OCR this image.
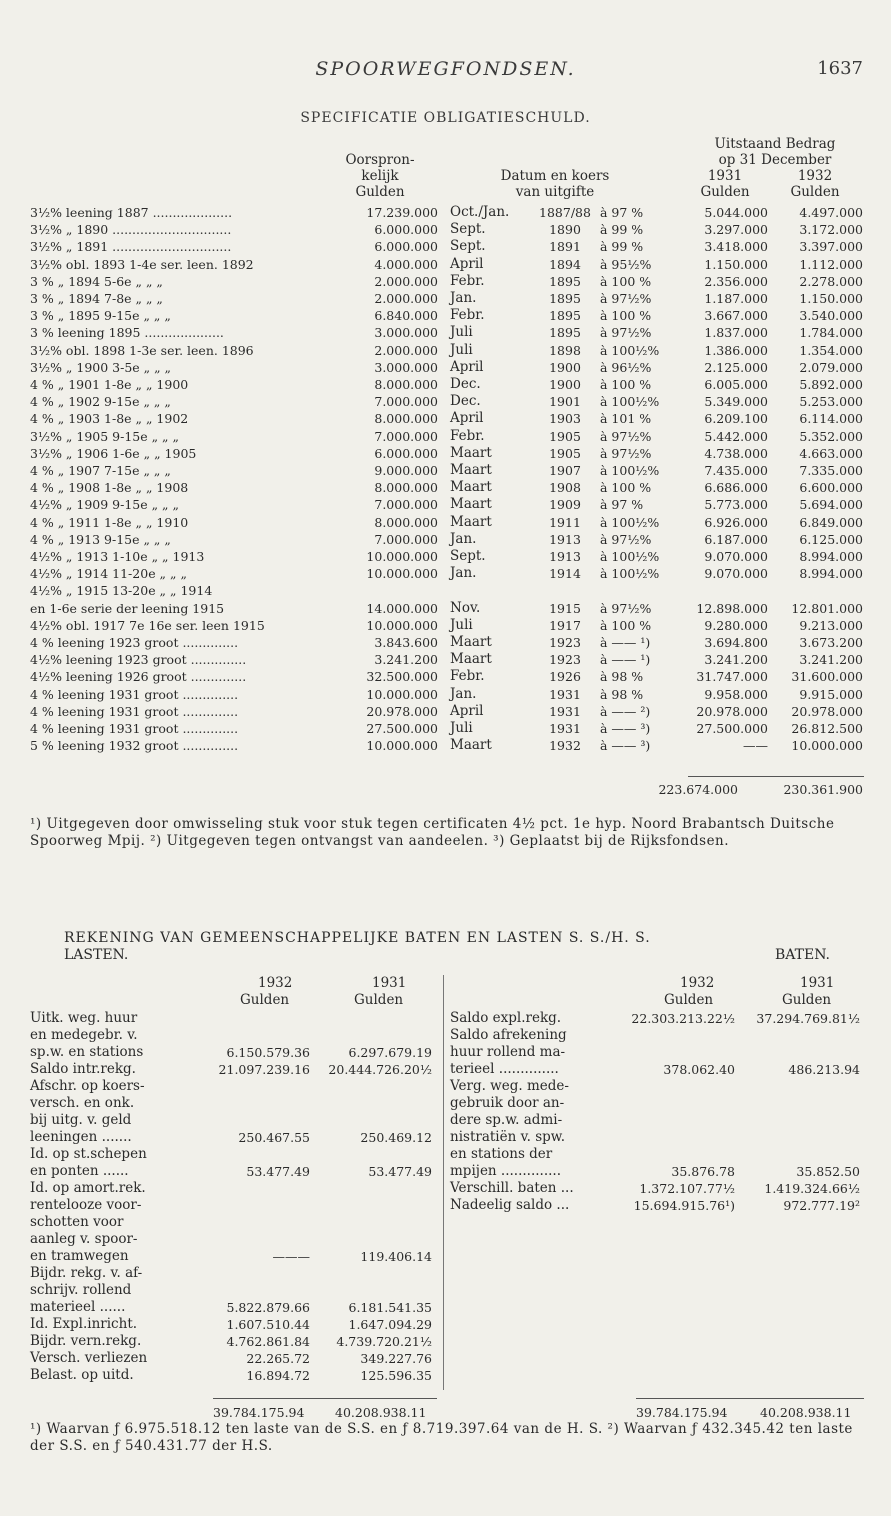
SPOORWEGFONDSEN.	1637
SPECIFICATIE OBLIGATIESCHULD.
Oorspron-
kelijk
Gulden
Datum en koers
van uitgifte
Uitstaand Bedrag
op 31 December
1931
Gulden
1932
Gulden
3½% leening 1887 ....................	17.239.000 Oct./Jan.	1887/88 à 97 %	5.044.000	4.497.000
3½% „ 1890 ..............................	6.000.000 Sept.	1890	à 99 %	3.297.000	3.172.000
3½% „ 1891 ..............................	6.000.000 Sept.	1891	à 99 %	3.418.000	3.397.000
3½% obl. 1893 1-4e ser. leen. 1892	4.000.000 April	1894	à 95½%	1.150.000	1.112.000
3 % „ 1894 5-6e „ „ „	2.000.000 Febr.	1895	à 100 %	2.356.000	2.278.000
3 % „ 1894 7-8e „ „ „	2.000.000 Jan.	1895	à 97½%	1.187.000	1.150.000
3 % „ 1895 9-15e „ „ „	6.840.000 Febr.	1895	à 100 %	3.667.000	3.540.000
3 % leening 1895 ....................	3.000.000 Juli	1895	à 97½%	1.837.000	1.784.000
3½% obl. 1898 1-3e ser. leen. 1896	2.000.000 Juli	1898	à 100½%	1.386.000	1.354.000
3½% „ 1900 3-5e „ „ „	3.000.000 April	1900	à 96½%	2.125.000	2.079.000
4 % „ 1901 1-8e „ „ 1900	8.000.000 Dec.	1900	à 100 %	6.005.000	5.892.000
4 % „ 1902 9-15e „ „ „	7.000.000 Dec.	1901	à 100½%	5.349.000	5.253.000
4 % „ 1903 1-8e „ „ 1902	8.000.000 April	1903	à 101 %	6.209.100	6.114.000
3½% „ 1905 9-15e „ „ „	7.000.000 Febr.	1905	à 97½%	5.442.000	5.352.000
3½% „ 1906 1-6e „ „ 1905	6.000.000 Maart	1905	à 97½%	4.738.000	4.663.000
4 % „ 1907 7-15e „ „ „	9.000.000 Maart	1907	à 100½%	7.435.000	7.335.000
4 % „ 1908 1-8e „ „ 1908	8.000.000 Maart	1908	à 100 %	6.686.000	6.600.000
4½% „ 1909 9-15e „ „ „	7.000.000 Maart	1909	à 97 %	5.773.000	5.694.000
4 % „ 1911 1-8e „ „ 1910	8.000.000 Maart	1911	à 100½%	6.926.000	6.849.000
4 % „ 1913 9-15e „ „ „	7.000.000 Jan.	1913	à 97½%	6.187.000	6.125.000
4½% „ 1913 1-10e „ „ 1913	10.000.000 Sept.	1913	à 100½%	9.070.000	8.994.000
4½% „ 1914 11-20e „ „ „	10.000.000 Jan.	1914	à 100½%	9.070.000	8.994.000
4½% „ 1915 13-20e „ „ 1914
en 1-6e serie der leening 1915	14.000.000 Nov.	1915	à 97½%	12.898.000	12.801.000
4½% obl. 1917 7e 16e ser. leen 1915	10.000.000 Juli	1917	à 100 %	9.280.000	9.213.000
4 % leening 1923 groot ..............	3.843.600 Maart	1923	à —— ¹)	3.694.800	3.673.200
4½% leening 1923 groot ..............	3.241.200 Maart	1923	à —— ¹)	3.241.200	3.241.200
4½% leening 1926 groot ..............	32.500.000 Febr.	1926	à 98 %	31.747.000	31.600.000
4 % leening 1931 groot ..............	10.000.000 Jan.	1931	à 98 %	9.958.000	9.915.000
4 % leening 1931 groot ..............	20.978.000 April	1931	à —— ²)	20.978.000	20.978.000
4 % leening 1931 groot ..............	27.500.000 Juli	1931	à —— ³)	27.500.000	26.812.500
5 % leening 1932 groot ..............	10.000.000 Maart	1932	à —— ³)	——	10.000.000
223.674.000	230.361.900
¹) Uitgegeven door omwisseling stuk voor stuk tegen certificaten 4½ pct. 1e hyp. Noord Brabantsch Duitsche Spoorweg Mpij. ²) Uitgegeven tegen ontvangst van aandeelen. ³) Geplaatst bij de Rijksfondsen.
REKENING VAN GEMEENSCHAPPELIJKE BATEN EN LASTEN S. S./H. S.
LASTEN.	BATEN.
1932	1931
Gulden	Gulden
1932	1931
Gulden	Gulden
Uitk. weg. huur
en medegebr. v.
sp.w. en stations	6.150.579.36	6.297.679.19
Saldo intr.rekg.	21.097.239.16	20.444.726.20½
Afschr. op koers-
versch. en onk.
bij uitg. v. geld
leeningen .......	250.467.55	250.469.12
Id. op st.schepen
en ponten ......	53.477.49	53.477.49
Id. op amort.rek.
rentelooze voor-
schotten voor
aanleg v. spoor-
en tramwegen	———	119.406.14
Bijdr. rekg. v. af-
schrijv. rollend
materieel ......	5.822.879.66	6.181.541.35
Id. Expl.inricht.	1.607.510.44	1.647.094.29
Bijdr. vern.rekg.	4.762.861.84	4.739.720.21½
Versch. verliezen	22.265.72	349.227.76
Belast. op uitd.	16.894.72	125.596.35
Saldo expl.rekg.	22.303.213.22½	37.294.769.81½
Saldo afrekening
huur rollend ma-
terieel ..............	378.062.40	486.213.94
Verg. weg. mede-
gebruik door an-
dere sp.w. admi-
nistratiën v. spw.
en stations der
mpijen ..............	35.876.78	35.852.50
Verschill. baten ...	1.372.107.77½	1.419.324.66½
Nadeelig saldo ...	15.694.915.76¹)	972.777.19²
39.784.175.94 40.208.938.11	39.784.175.94	40.208.938.11
¹) Waarvan ƒ 6.975.518.12 ten laste van de S.S. en ƒ 8.719.397.64 van de H. S. ²) Waarvan ƒ 432.345.42 ten laste der S.S. en ƒ 540.431.77 der H.S.
